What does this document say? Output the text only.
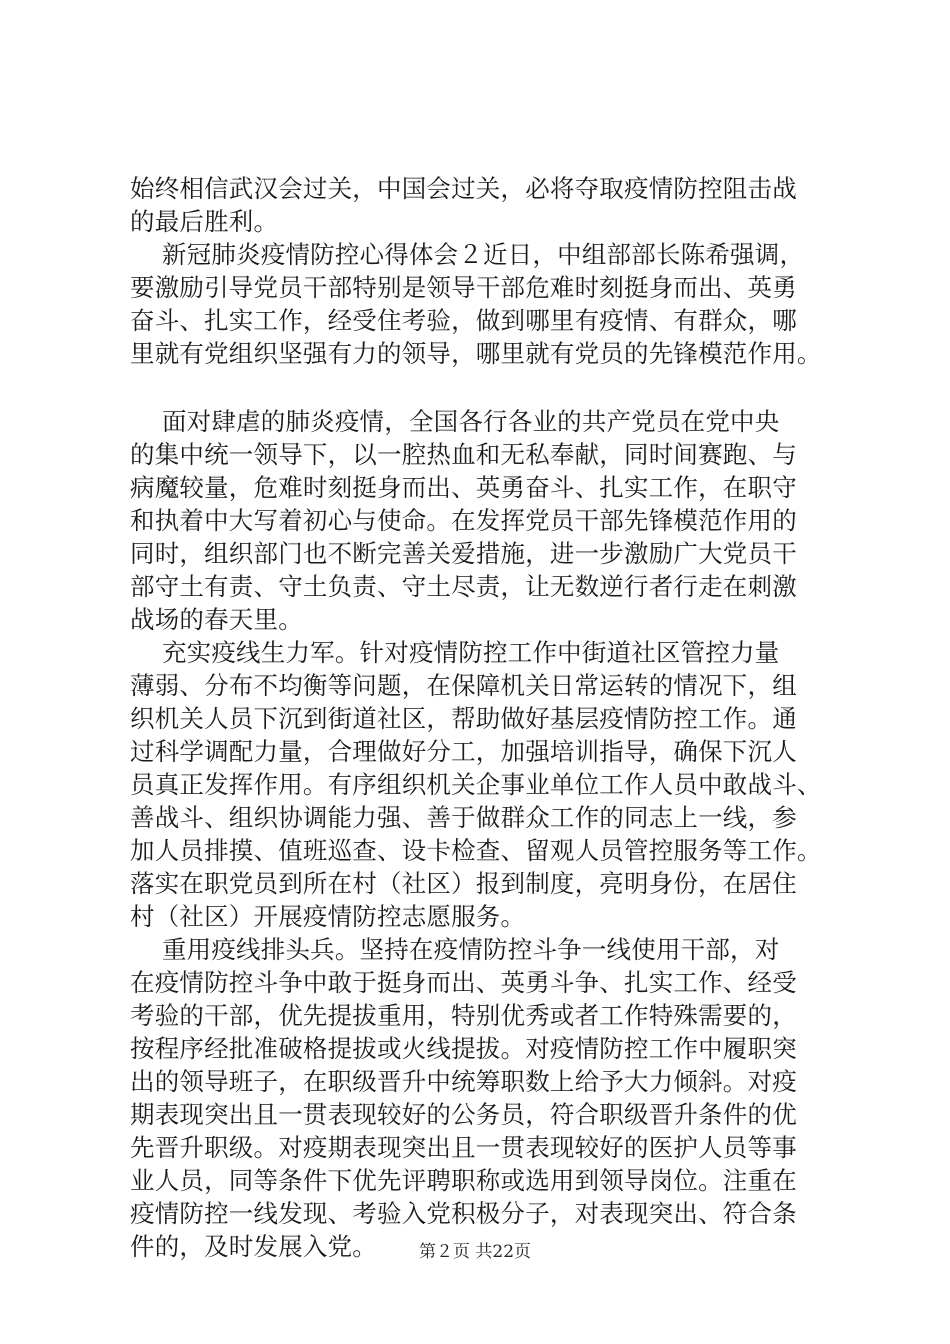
始终相信武汉会过关，中国会过关，必将夺取疫情防控阻击战
的最后胜利。
新冠肺炎疫情防控心得体会２近日，中组部部长陈希强调，
要激励引导党员干部特别是领导干部危难时刻挺身而出、英勇
奋斗、扎实工作，经受住考验，做到哪里有疫情、有群众，哪
里就有党组织坚强有力的领导，哪里就有党员的先锋模范作用。
面对肆虐的肺炎疫情，全国各行各业的共产党员在党中央
的集中统一领导下，以一腔热血和无私奉献，同时间赛跑、与
病魔较量，危难时刻挺身而出、英勇奋斗、扎实工作，在职守
和执着中大写着初心与使命。在发挥党员干部先锋模范作用的
同时，组织部门也不断完善关爱措施，进一步激励广大党员干
部守土有责、守土负责、守土尽责，让无数逆行者行走在刺激
战场的春天里。
充实疫线生力军。针对疫情防控工作中街道社区管控力量
薄弱、分布不均衡等问题，在保障机关日常运转的情况下，组
织机关人员下沉到街道社区，帮助做好基层疫情防控工作。通
过科学调配力量，合理做好分工，加强培训指导，确保下沉人
员真正发挥作用。有序组织机关企事业单位工作人员中敢战斗、
善战斗、组织协调能力强、善于做群众工作的同志上一线，参
加人员排摸、值班巡查、设卡检查、留观人员管控服务等工作。
落实在职党员到所在村（社区）报到制度，亮明身份，在居住
村（社区）开展疫情防控志愿服务。
重用疫线排头兵。坚持在疫情防控斗争一线使用干部，对
在疫情防控斗争中敢于挺身而出、英勇斗争、扎实工作、经受
考验的干部，优先提拔重用，特别优秀或者工作特殊需要的，
按程序经批准破格提拔或火线提拔。对疫情防控工作中履职突
出的领导班子，在职级晋升中统筹职数上给予大力倾斜。对疫
期表现突出且一贯表现较好的公务员，符合职级晋升条件的优
先晋升职级。对疫期表现突出且一贯表现较好的医护人员等事
业人员，同等条件下优先评聘职称或选用到领导岗位。注重在
疫情防控一线发现、考验入党积极分子，对表现突出、符合条
件的，及时发展入党。	第２页 共22页
